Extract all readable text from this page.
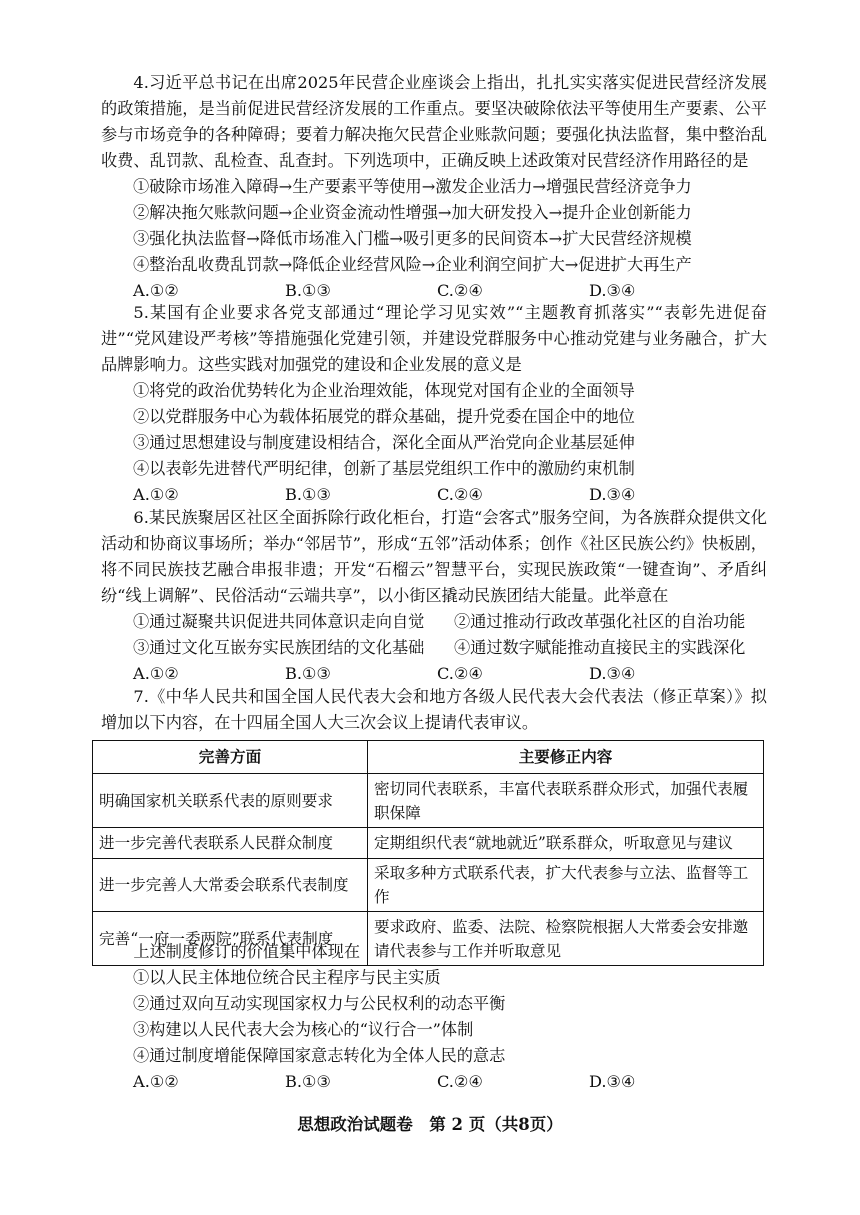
4.习近平总书记在出席2025年民营企业座谈会上指出，扎扎实实落实促进民营经济发展的政策措施，是当前促进民营经济发展的工作重点。要坚决破除依法平等使用生产要素、公平参与市场竞争的各种障碍；要着力解决拖欠民营企业账款问题；要强化执法监督，集中整治乱收费、乱罚款、乱检查、乱查封。下列选项中，正确反映上述政策对民营经济作用路径的是

①破除市场准入障碍→生产要素平等使用→激发企业活力→增强民营经济竞争力
②解决拖欠账款问题→企业资金流动性增强→加大研发投入→提升企业创新能力
③强化执法监督→降低市场准入门槛→吸引更多的民间资本→扩大民营经济规模
④整治乱收费乱罚款→降低企业经营风险→企业利润空间扩大→促进扩大再生产
A.①②	B.①③	C.②④	D.③④

5.某国有企业要求各党支部通过“理论学习见实效”“主题教育抓落实”“表彰先进促奋进”“党风建设严考核”等措施强化党建引领，并建设党群服务中心推动党建与业务融合，扩大品牌影响力。这些实践对加强党的建设和企业发展的意义是

①将党的政治优势转化为企业治理效能，体现党对国有企业的全面领导
②以党群服务中心为载体拓展党的群众基础，提升党委在国企中的地位
③通过思想建设与制度建设相结合，深化全面从严治党向企业基层延伸
④以表彰先进替代严明纪律，创新了基层党组织工作中的激励约束机制
A.①②	B.①③	C.②④	D.③④

6.某民族聚居区社区全面拆除行政化柜台，打造“会客式”服务空间，为各族群众提供文化活动和协商议事场所；举办“邻居节”，形成“五邻”活动体系；创作《社区民族公约》快板剧，将不同民族技艺融合串报非遗；开发“石榴云”智慧平台，实现民族政策“一键查询”、矛盾纠纷“线上调解”、民俗活动“云端共享”，以小街区撬动民族团结大能量。此举意在

①通过凝聚共识促进共同体意识走向自觉	②通过推动行政改革强化社区的自治功能
③通过文化互嵌夯实民族团结的文化基础	④通过数字赋能推动直接民主的实践深化
A.①②	B.①③	C.②④	D.③④

7.《中华人民共和国全国人民代表大会和地方各级人民代表大会代表法（修正草案）》拟增加以下内容，在十四届全国人大三次会议上提请代表审议。

完善方面	主要修正内容
明确国家机关联系代表的原则要求	密切同代表联系，丰富代表联系群众形式，加强代表履职保障
进一步完善代表联系人民群众制度	定期组织代表“就地就近”联系群众，听取意见与建议
进一步完善人大常委会联系代表制度	采取多种方式联系代表，扩大代表参与立法、监督等工作
完善“一府一委两院”联系代表制度	要求政府、监委、法院、检察院根据人大常委会安排邀请代表参与工作并听取意见

上述制度修订的价值集中体现在

①以人民主体地位统合民主程序与民主实质
②通过双向互动实现国家权力与公民权利的动态平衡
③构建以人民代表大会为核心的“议行合一”体制
④通过制度增能保障国家意志转化为全体人民的意志
A.①②	B.①③	C.②④	D.③④
思想政治试题卷　第 2 页（共8页）
